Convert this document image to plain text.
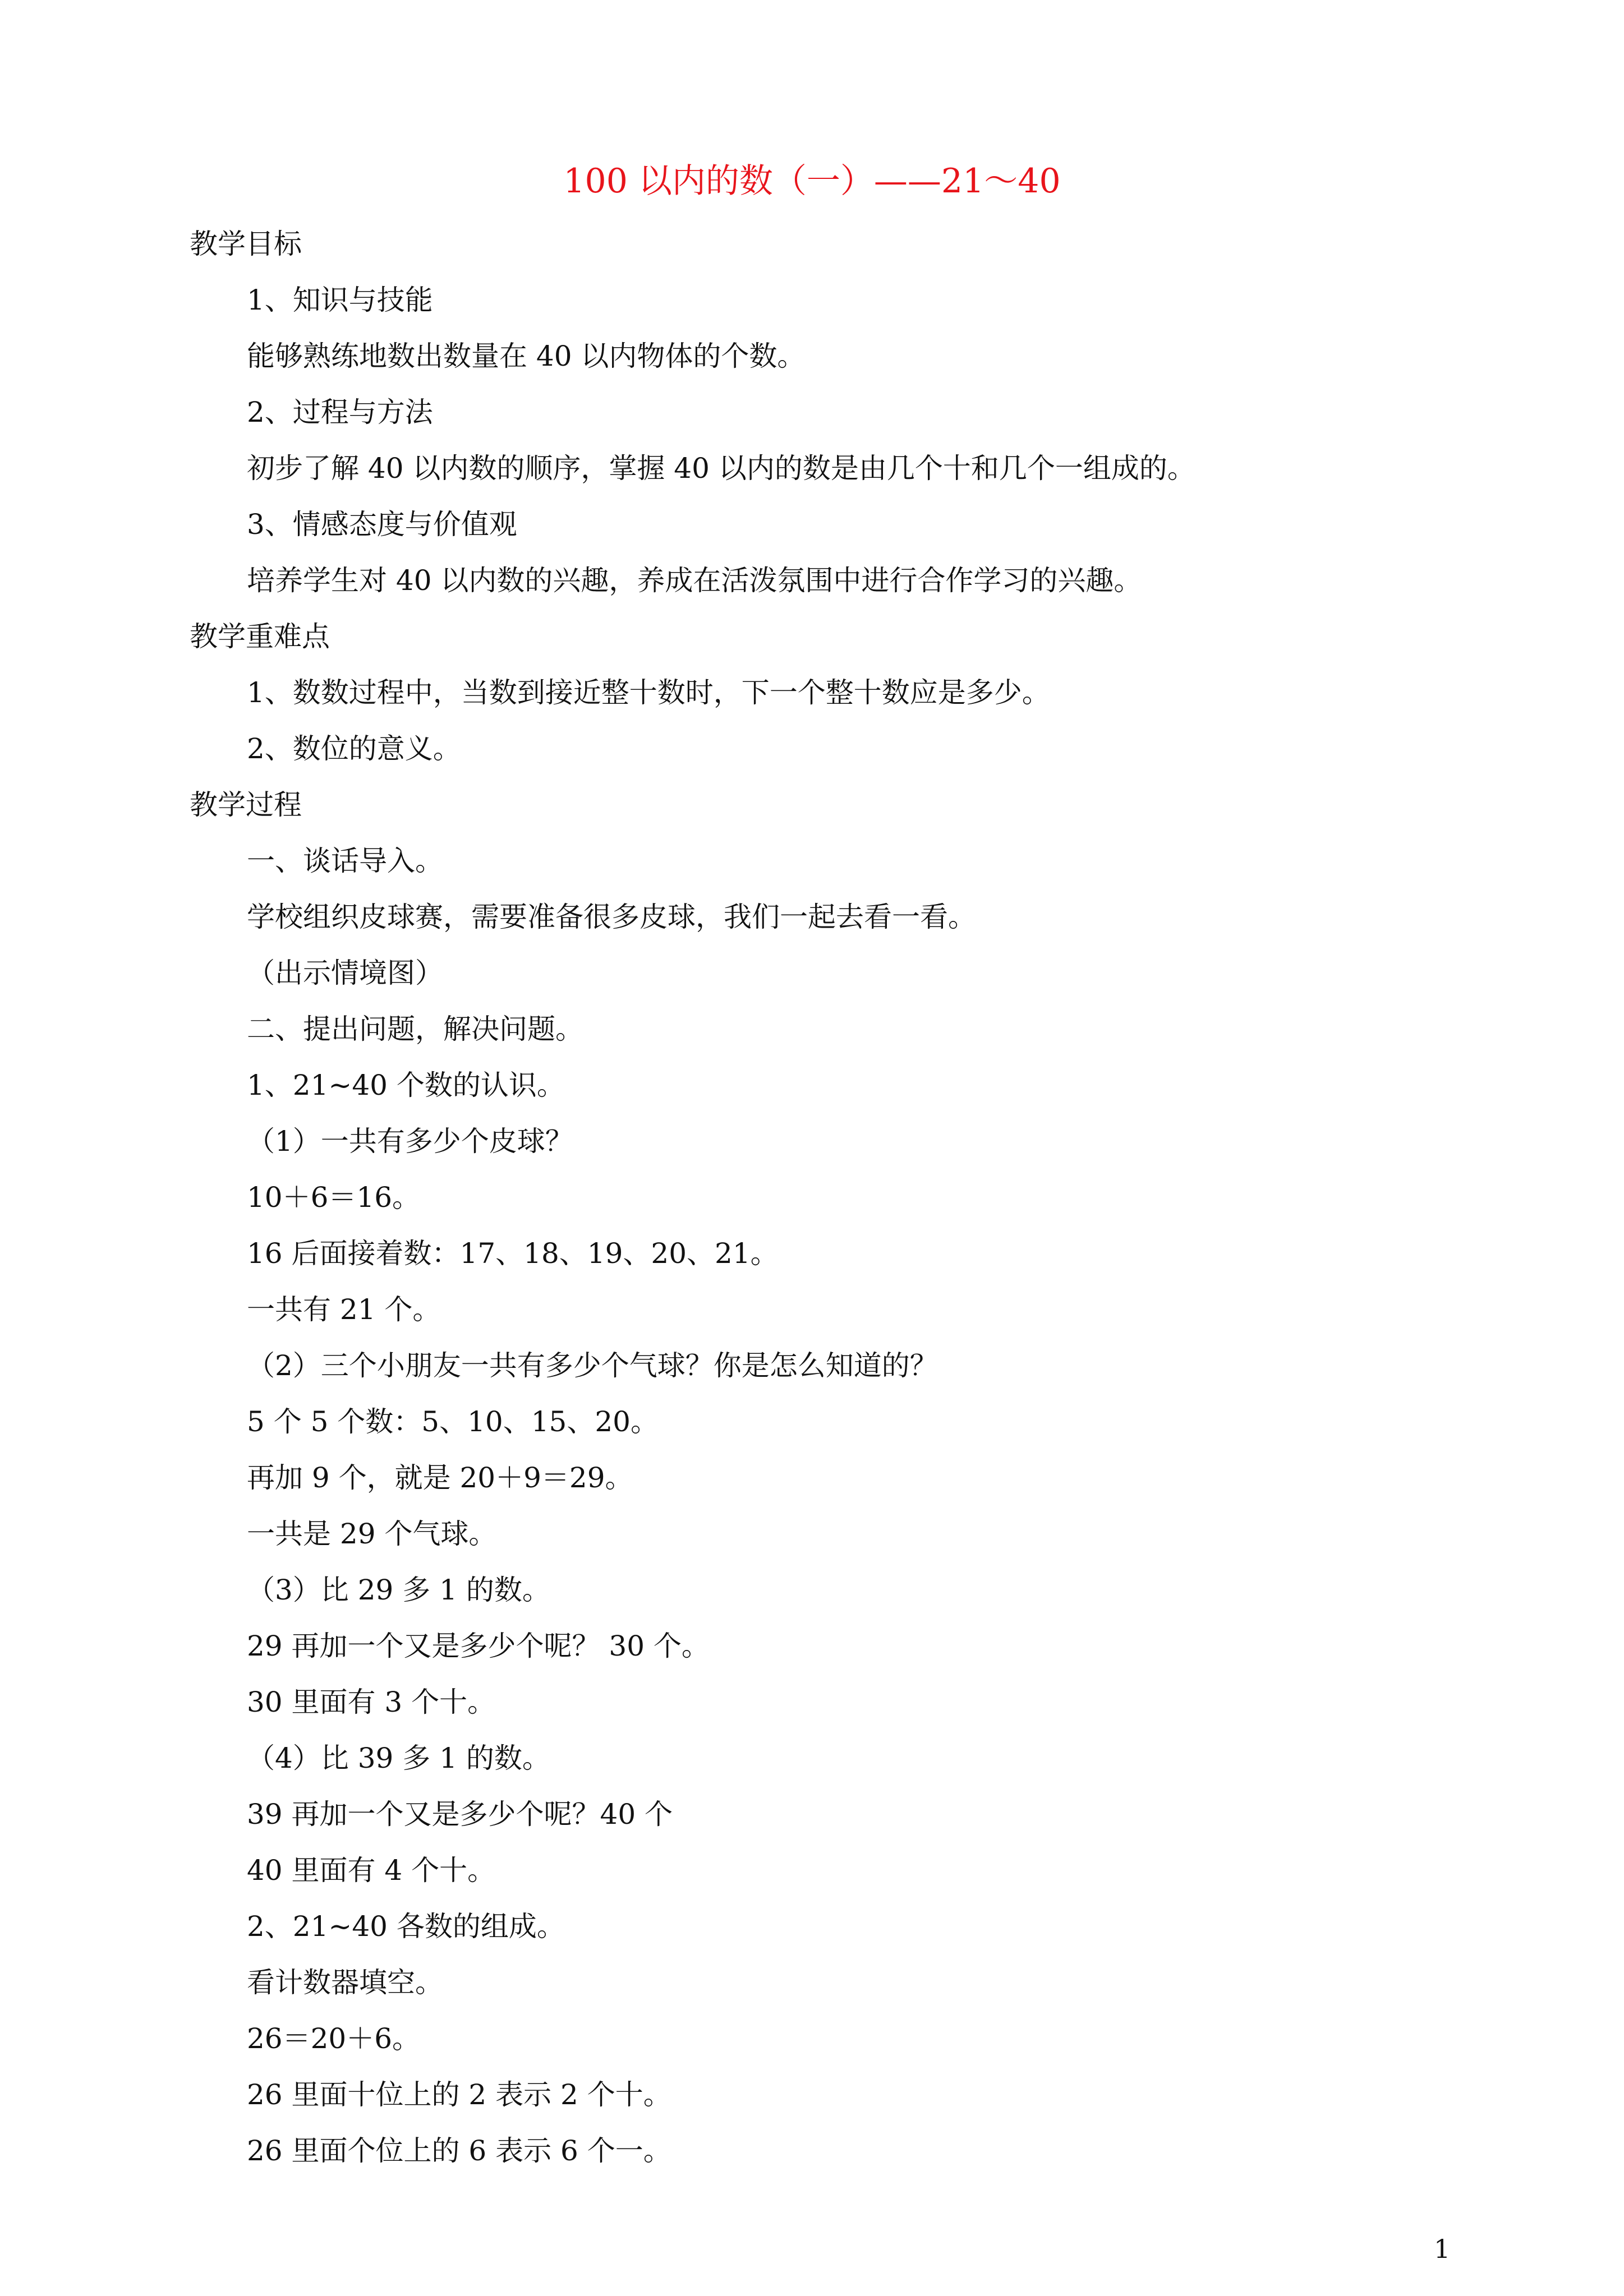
100 以内的数（一）——21～40
教学目标
1、知识与技能
能够熟练地数出数量在 40 以内物体的个数。
2、过程与方法
初步了解 40 以内数的顺序，掌握 40 以内的数是由几个十和几个一组成的。
3、情感态度与价值观
培养学生对 40 以内数的兴趣，养成在活泼氛围中进行合作学习的兴趣。
教学重难点
1、数数过程中，当数到接近整十数时，下一个整十数应是多少。
2、数位的意义。
教学过程
一、谈话导入。
学校组织皮球赛，需要准备很多皮球，我们一起去看一看。
（出示情境图）
二、提出问题，解决问题。
1、21~40 个数的认识。
（1）一共有多少个皮球？
10＋6＝16。
16 后面接着数：17、18、19、20、21。
一共有 21 个。
（2）三个小朋友一共有多少个气球？你是怎么知道的？
5 个 5 个数：5、10、15、20。
再加 9 个，就是 20＋9＝29。
一共是 29 个气球。
（3）比 29 多 1 的数。
29 再加一个又是多少个呢？ 30 个。
30 里面有 3 个十。
（4）比 39 多 1 的数。
39 再加一个又是多少个呢？40 个
40 里面有 4 个十。
2、21~40 各数的组成。
看计数器填空。
26＝20＋6。
26 里面十位上的 2 表示 2 个十。
26 里面个位上的 6 表示 6 个一。
1
